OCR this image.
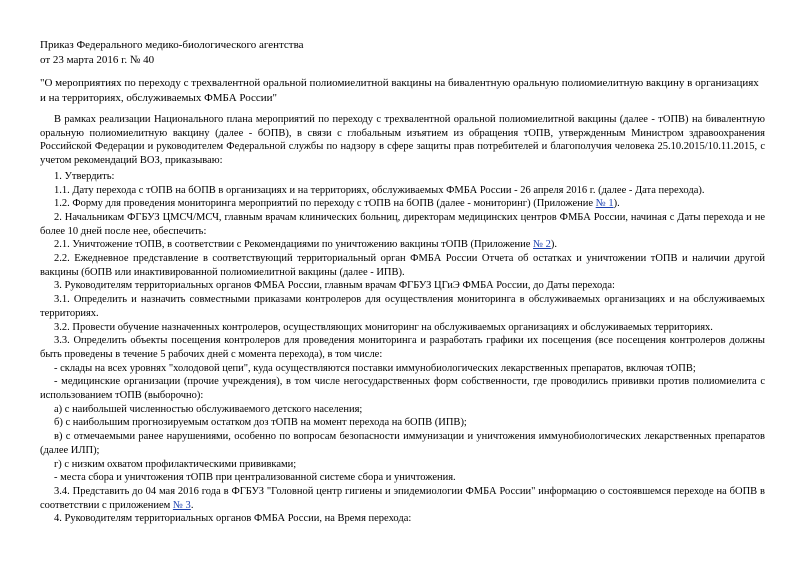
Приказ Федерального медико-биологического агентства
от 23 марта 2016 г. № 40
"О мероприятиях по переходу с трехвалентной оральной полиомиелитной вакцины на бивалентную оральную полиомиелитную вакцину в организациях и на территориях, обслуживаемых ФМБА России"

В рамках реализации Национального плана мероприятий по переходу с трехвалентной оральной полиомиелитной вакцины (далее - тОПВ) на бивалентную оральную полиомиелитную вакцину (далее - бОПВ), в связи с глобальным изъятием из обращения тОПВ, утвержденным Министром здравоохранения Российской Федерации и руководителем Федеральной службы по надзору в сфере защиты прав потребителей и благополучия человека 25.10.2015/10.11.2015, с учетом рекомендаций ВОЗ, приказываю:

1. Утвердить:

1.1. Дату перехода с тОПВ на бОПВ в организациях и на территориях, обслуживаемых ФМБА России - 26 апреля 2016 г. (далее - Дата перехода).

1.2. Форму для проведения мониторинга мероприятий по переходу с тОПВ на бОПВ (далее - мониторинг) (Приложение № 1).

2. Начальникам ФГБУЗ ЦМСЧ/МСЧ, главным врачам клинических больниц, директорам медицинских центров ФМБА России, начиная с Даты перехода и не более 10 дней после нее, обеспечить:

2.1. Уничтожение тОПВ, в соответствии с Рекомендациями по уничтожению вакцины тОПВ (Приложение № 2).

2.2. Ежедневное представление в соответствующий территориальный орган ФМБА России Отчета об остатках и уничтожении тОПВ и наличии другой вакцины (бОПВ или инактивированной полиомиелитной вакцины (далее - ИПВ).

3. Руководителям территориальных органов ФМБА России, главным врачам ФГБУЗ ЦГиЭ ФМБА России, до Даты перехода:

3.1. Определить и назначить совместными приказами контролеров для осуществления мониторинга в обслуживаемых организациях и на обслуживаемых территориях.

3.2. Провести обучение назначенных контролеров, осуществляющих мониторинг на обслуживаемых организациях и обслуживаемых территориях.

3.3. Определить объекты посещения контролеров для проведения мониторинга и разработать графики их посещения (все посещения контролеров должны быть проведены в течение 5 рабочих дней с момента перехода), в том числе:

- склады на всех уровнях "холодовой цепи", куда осуществляются поставки иммунобиологических лекарственных препаратов, включая тОПВ;

- медицинские организации (прочие учреждения), в том числе негосударственных форм собственности, где проводились прививки против полиомиелита с использованием тОПВ (выборочно):

а) с наибольшей численностью обслуживаемого детского населения;

б) с наибольшим прогнозируемым остатком доз тОПВ на момент перехода на бОПВ (ИПВ);

в) с отмечаемыми ранее нарушениями, особенно по вопросам безопасности иммунизации и уничтожения иммунобиологических лекарственных препаратов (далее ИЛП);

г) с низким охватом профилактическими прививками;

- места сбора и уничтожения тОПВ при централизованной системе сбора и уничтожения.

3.4. Представить до 04 мая 2016 года в ФГБУЗ "Головной центр гигиены и эпидемиологии ФМБА России" информацию о состоявшемся переходе на бОПВ в соответствии с приложением № 3.

4. Руководителям территориальных органов ФМБА России, на Время перехода:
